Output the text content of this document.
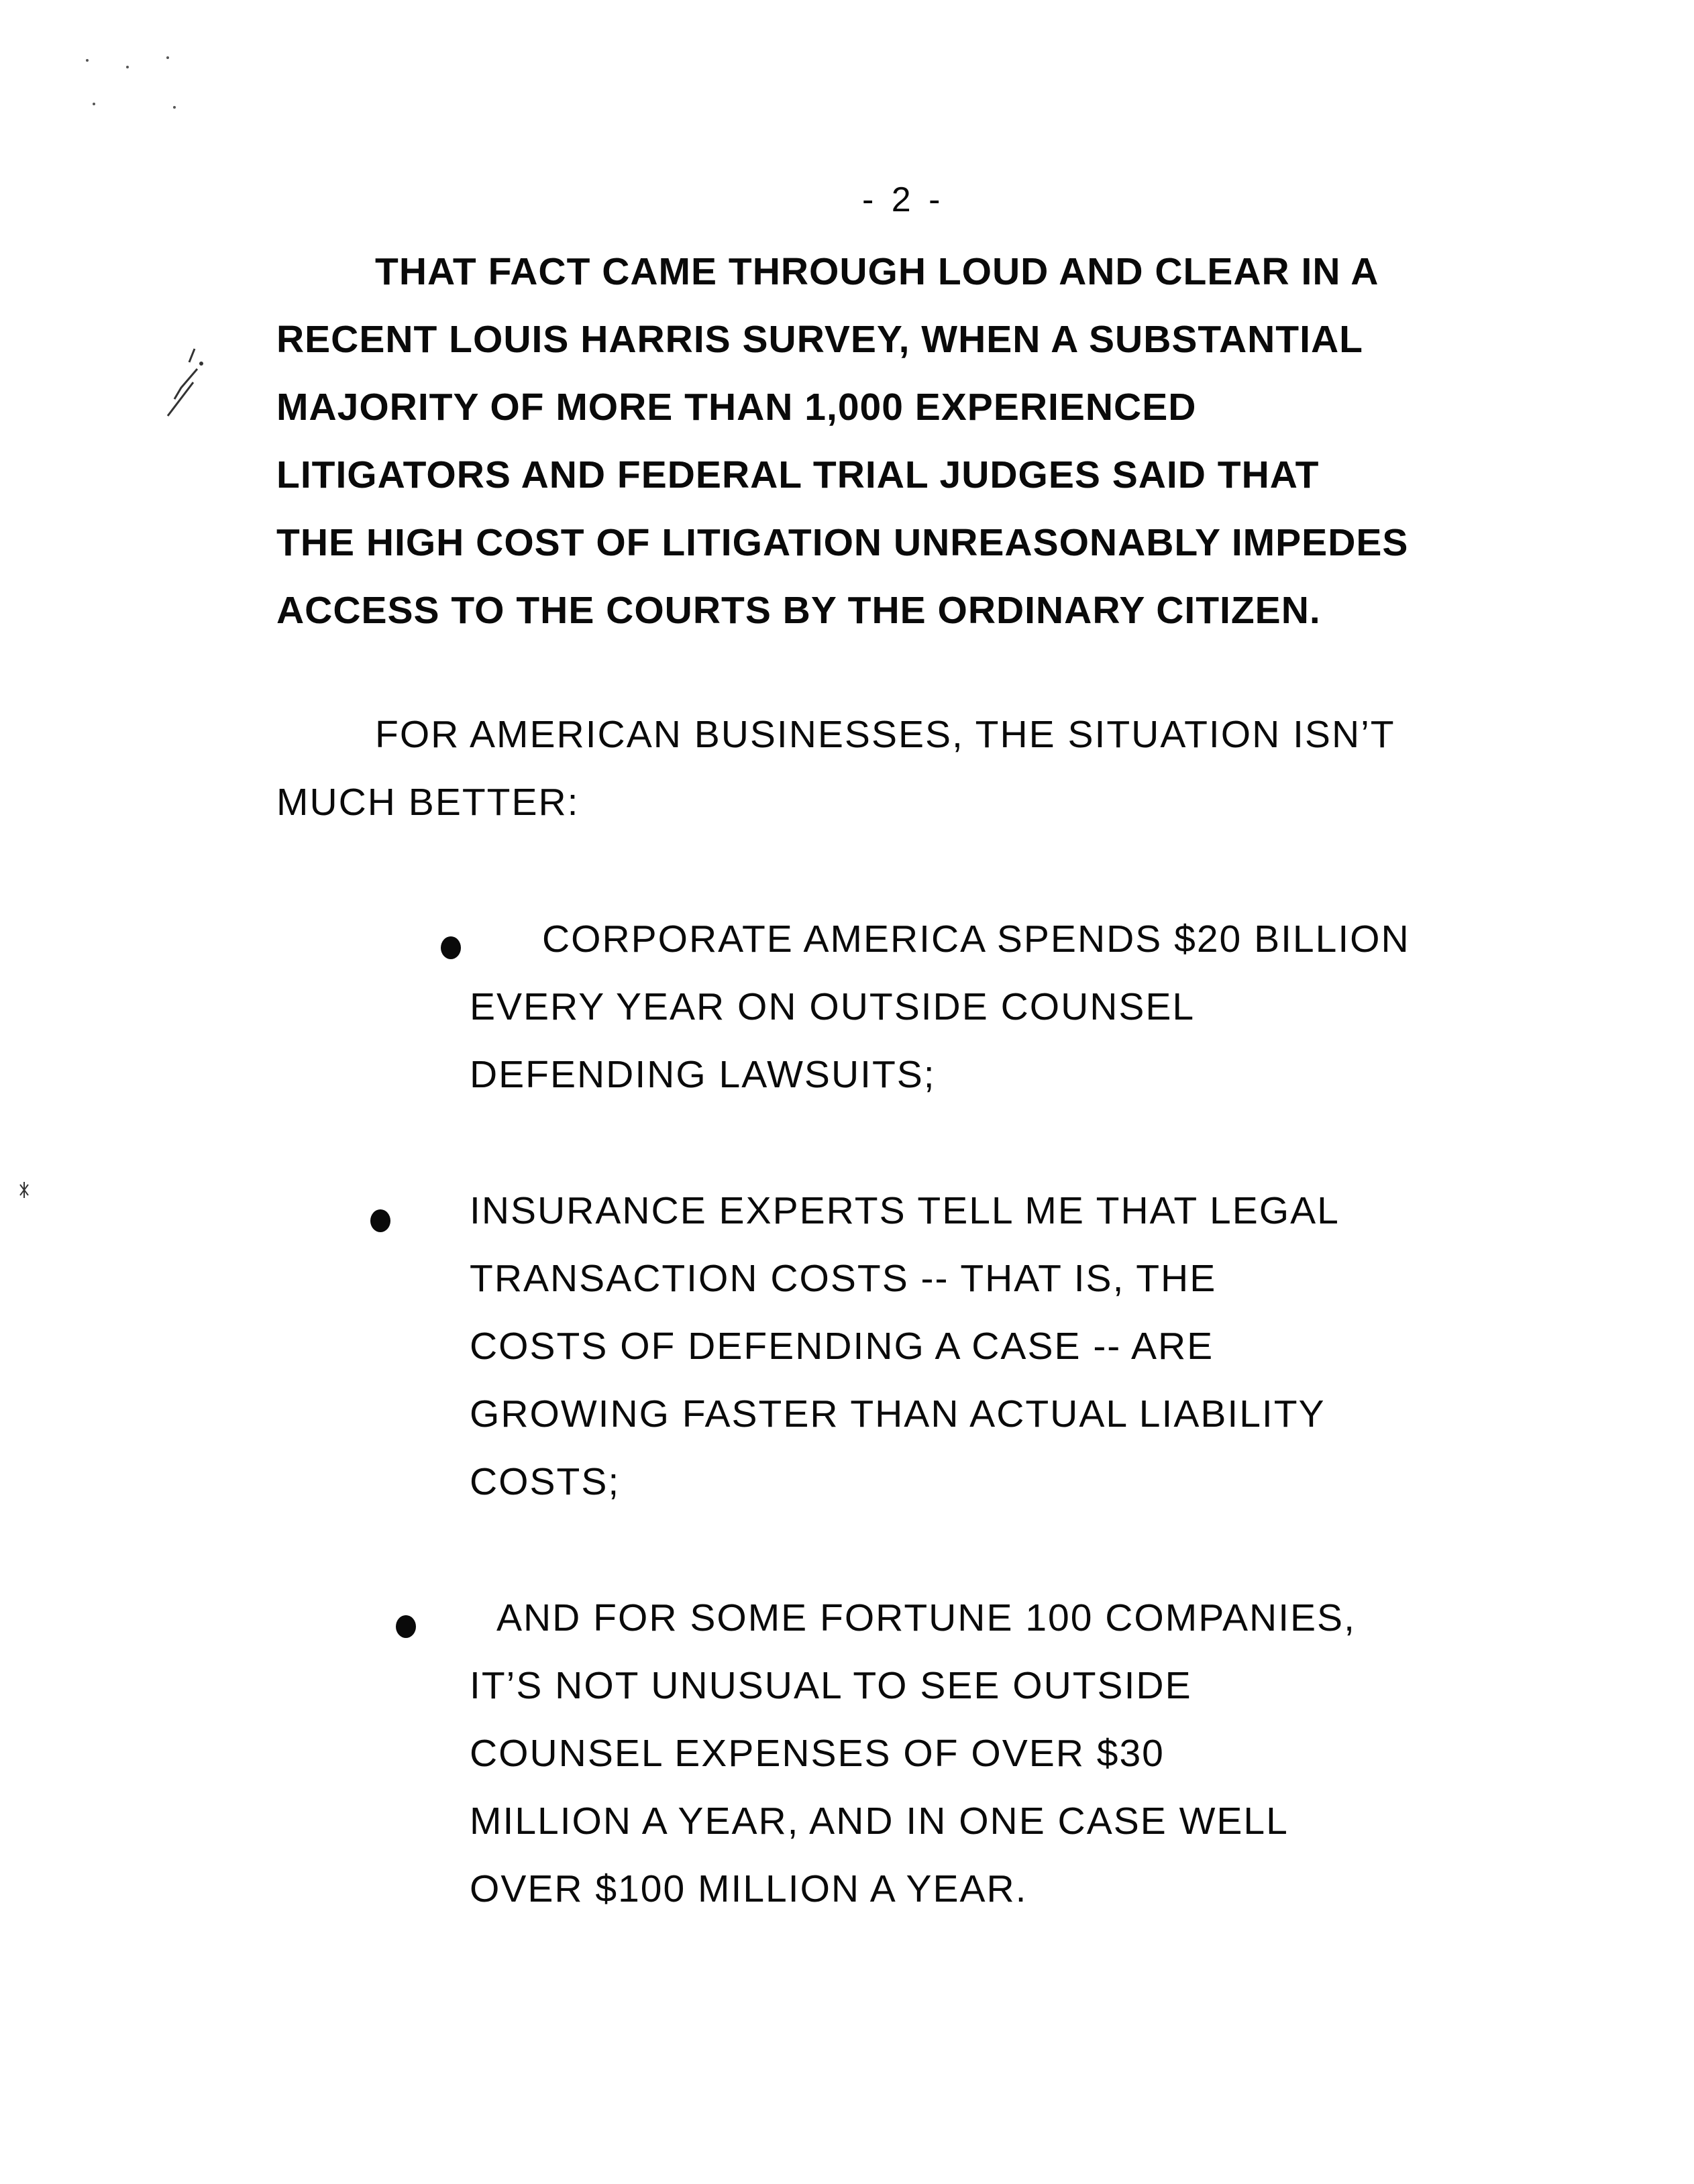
- 2 -
THAT FACT CAME THROUGH LOUD AND CLEAR IN A
RECENT LOUIS HARRIS SURVEY, WHEN A SUBSTANTIAL
MAJORITY OF MORE THAN 1,000 EXPERIENCED
LITIGATORS AND FEDERAL TRIAL JUDGES SAID THAT
THE HIGH COST OF LITIGATION UNREASONABLY IMPEDES
ACCESS TO THE COURTS BY THE ORDINARY CITIZEN.
FOR AMERICAN BUSINESSES, THE SITUATION ISN’T
MUCH BETTER:
CORPORATE AMERICA SPENDS $20 BILLION
EVERY YEAR ON OUTSIDE COUNSEL
DEFENDING LAWSUITS;
INSURANCE EXPERTS TELL ME THAT LEGAL
TRANSACTION COSTS -- THAT IS, THE
COSTS OF DEFENDING A CASE -- ARE
GROWING FASTER THAN ACTUAL LIABILITY
COSTS;
AND FOR SOME FORTUNE 100 COMPANIES,
IT’S NOT UNUSUAL TO SEE OUTSIDE
COUNSEL EXPENSES OF OVER $30
MILLION A YEAR, AND IN ONE CASE WELL
OVER $100 MILLION A YEAR.
